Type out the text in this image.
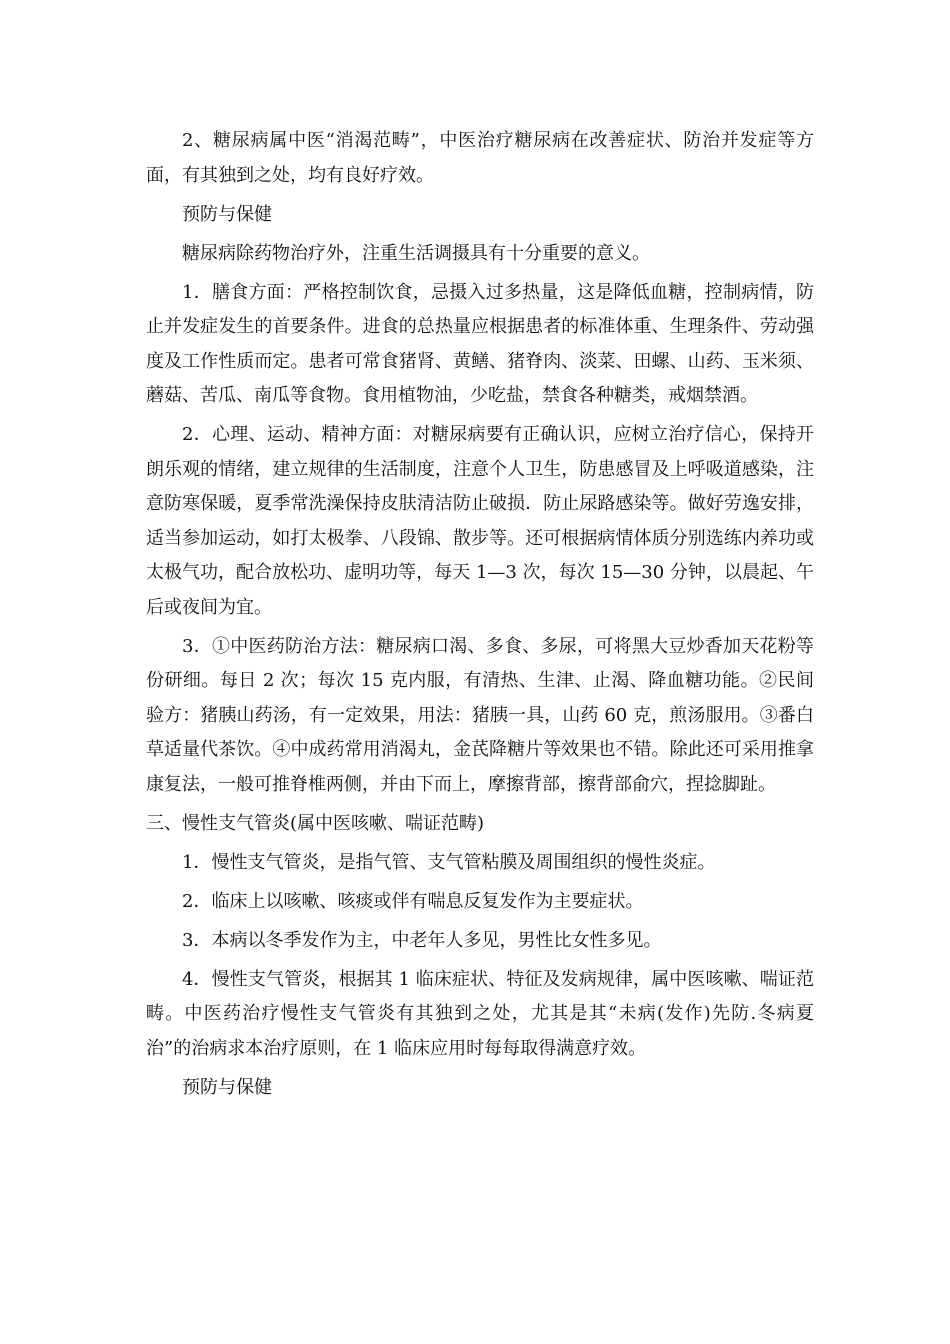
2、糖尿病属中医“消渴范畴”，中医治疗糖尿病在改善症状、防治并发症等方面，有其独到之处，均有良好疗效。

预防与保健

糖尿病除药物治疗外，注重生活调摄具有十分重要的意义。

1．膳食方面：严格控制饮食，忌摄入过多热量，这是降低血糖，控制病情，防止并发症发生的首要条件。进食的总热量应根据患者的标准体重、生理条件、劳动强度及工作性质而定。患者可常食猪肾、黄鳝、猪脊肉、淡菜、田螺、山药、玉米须、蘑菇、苦瓜、南瓜等食物。食用植物油，少吃盐，禁食各种糖类，戒烟禁酒。

2．心理、运动、精神方面：对糖尿病要有正确认识，应树立治疗信心，保持开朗乐观的情绪，建立规律的生活制度，注意个人卫生，防患感冒及上呼吸道感染，注意防寒保暖，夏季常洗澡保持皮肤清洁防止破损．防止尿路感染等。做好劳逸安排，适当参加运动，如打太极拳、八段锦、散步等。还可根据病情体质分别选练内养功或太极气功，配合放松功、虚明功等，每天 1—3 次，每次 15—30 分钟，以晨起、午后或夜间为宜。

3．①中医药防治方法：糖尿病口渴、多食、多尿，可将黑大豆炒香加天花粉等份研细。每日 2 次；每次 15 克内服，有清热、生津、止渴、降血糖功能。②民间验方：猪胰山药汤，有一定效果，用法：猪胰一具，山药 60 克，煎汤服用。③番白草适量代茶饮。④中成药常用消渴丸，金芪降糖片等效果也不错。除此还可采用推拿康复法，一般可推脊椎两侧，并由下而上，摩擦背部，擦背部俞穴，捏捻脚趾。

三、慢性支气管炎(属中医咳嗽、喘证范畴)

1．慢性支气管炎，是指气管、支气管粘膜及周围组织的慢性炎症。

2．临床上以咳嗽、咳痰或伴有喘息反复发作为主要症状。

3．本病以冬季发作为主，中老年人多见，男性比女性多见。

4．慢性支气管炎，根据其 1 临床症状、特征及发病规律，属中医咳嗽、喘证范畴。中医药治疗慢性支气管炎有其独到之处，尤其是其“未病(发作)先防.冬病夏治”的治病求本治疗原则，在 1 临床应用时每每取得满意疗效。

预防与保健
